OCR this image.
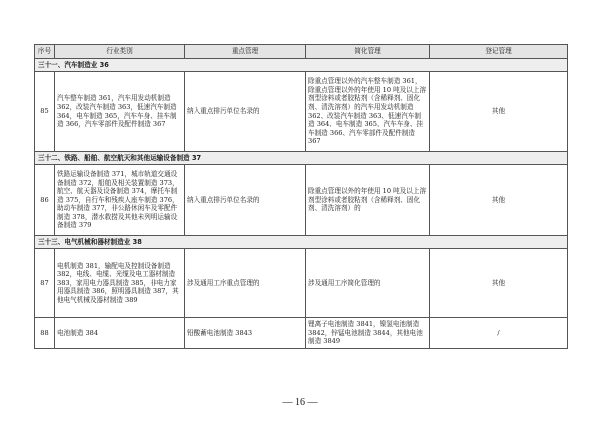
序号	行业类别	重点管理	简化管理	登记管理
三十一、汽车制造业 36				
85	汽车整车制造 361，汽车用发动机制造 362，改装汽车制造 363，低速汽车制造 364，电车制造 365，汽车车身、挂车制造 366，汽车零部件及配件制造 367	纳入重点排污单位名录的	除重点管理以外的汽车整车制造 361，除重点管理以外的年使用 10 吨及以上溶剂型涂料或者胶粘剂（含稀释剂、固化剂、清洗溶剂）的汽车用发动机制造 362、改装汽车制造 363、低速汽车制造 364、电车制造 365、汽车车身、挂车制造 366、汽车零部件及配件制造 367	其他
三十二、铁路、船舶、航空航天和其他运输设备制造 37				
86	铁路运输设备制造 371，城市轨道交通设备制造 372，船舶及相关装置制造 373，航空、航天器及设备制造 374，摩托车制造 375，自行车和残疾人座车制造 376，助动车制造 377，非公路休闲车及零配件制造 378，潜水救捞及其他未列明运输设备制造 379	纳入重点排污单位名录的	除重点管理以外的年使用 10 吨及以上溶剂型涂料或者胶粘剂（含稀释剂、固化剂、清洗溶剂）的	其他
三十三、电气机械和器材制造业 38				
87	电机制造 381，输配电及控制设备制造 382，电线、电缆、光缆及电工器材制造 383，家用电力器具制造 385，非电力家用器具制造 386，照明器具制造 387，其他电气机械及器材制造 389	涉及通用工序重点管理的	涉及通用工序简化管理的	其他
88	电池制造 384	铅酸蓄电池制造 3843	锂离子电池制造 3841，镍氢电池制造 3842，锌锰电池制造 3844，其他电池制造 3849	/
— 16 —
